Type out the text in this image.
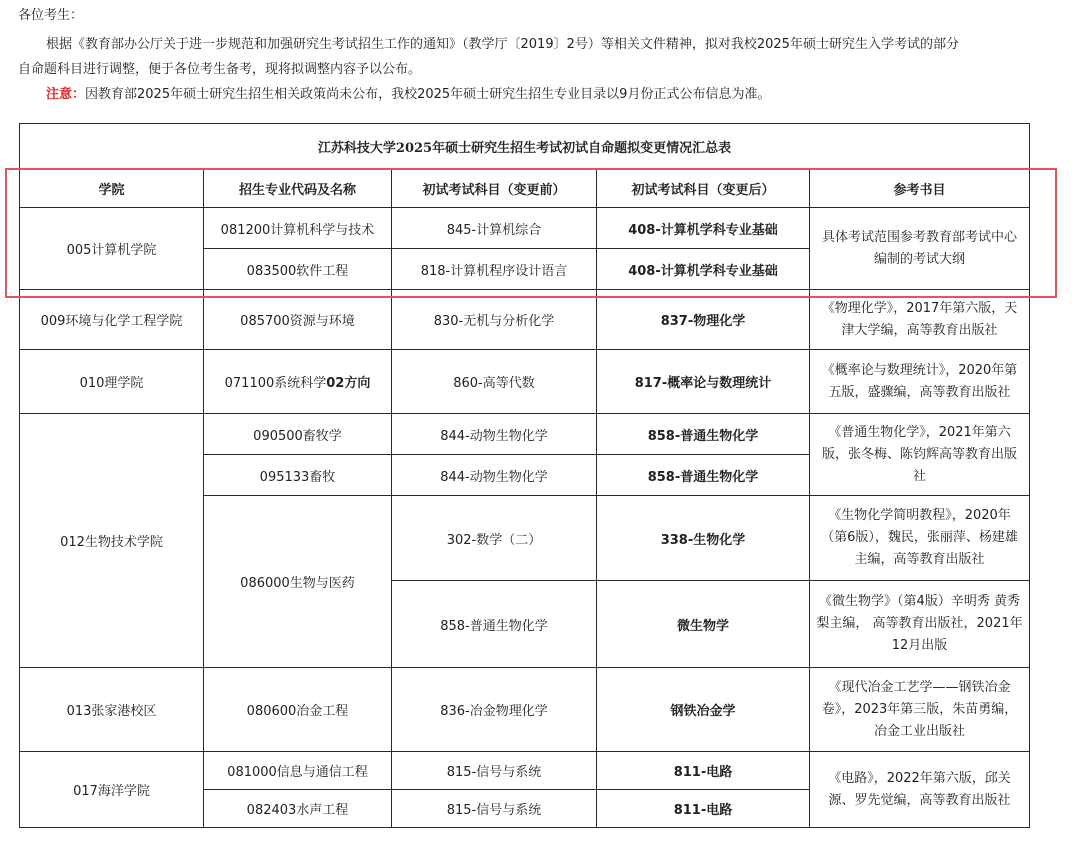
各位考生：
根据《教育部办公厅关于进一步规范和加强研究生考试招生工作的通知》（教学厅〔2019〕2号）等相关文件精神，拟对我校2025年硕士研究生入学考试的部分
自命题科目进行调整，便于各位考生备考，现将拟调整内容予以公布。
注意：因教育部2025年硕士研究生招生相关政策尚未公布，我校2025年硕士研究生招生专业目录以9月份正式公布信息为准。
江苏科技大学2025年硕士研究生招生考试初试自命题拟变更情况汇总表				
学院	招生专业代码及名称	初试考试科目（变更前）	初试考试科目（变更后）	参考书目
005计算机学院	081200计算机科学与技术	845-计算机综合	408-计算机学科专业基础	具体考试范围参考教育部考试中心编制的考试大纲
	083500软件工程	818-计算机程序设计语言	408-计算机学科专业基础	
009环境与化学工程学院	085700资源与环境	830-无机与分析化学	837-物理化学	《物理化学》，2017年第六版，天津大学编，高等教育出版社
010理学院	071100系统科学02方向	860-高等代数	817-概率论与数理统计	《概率论与数理统计》，2020年第五版，盛骤编，高等教育出版社
012生物技术学院	090500畜牧学	844-动物生物化学	858-普通生物化学	《普通生物化学》，2021年第六版，张冬梅、陈钧辉高等教育出版社
	095133畜牧	844-动物生物化学	858-普通生物化学	
	086000生物与医药	302-数学（二）	338-生物化学	《生物化学简明教程》，2020年（第6版），魏民，张丽萍、杨建雄主编，高等教育出版社
		858-普通生物化学	微生物学	《微生物学》（第4版）辛明秀 黄秀梨主编， 高等教育出版社，2021年12月出版
013张家港校区	080600冶金工程	836-冶金物理化学	钢铁冶金学	《现代冶金工艺学——钢铁冶金卷》，2023年第三版，朱苗勇编，冶金工业出版社
017海洋学院	081000信息与通信工程	815-信号与系统	811-电路	《电路》，2022年第六版，邱关源、罗先觉编，高等教育出版社
	082403水声工程	815-信号与系统	811-电路	
